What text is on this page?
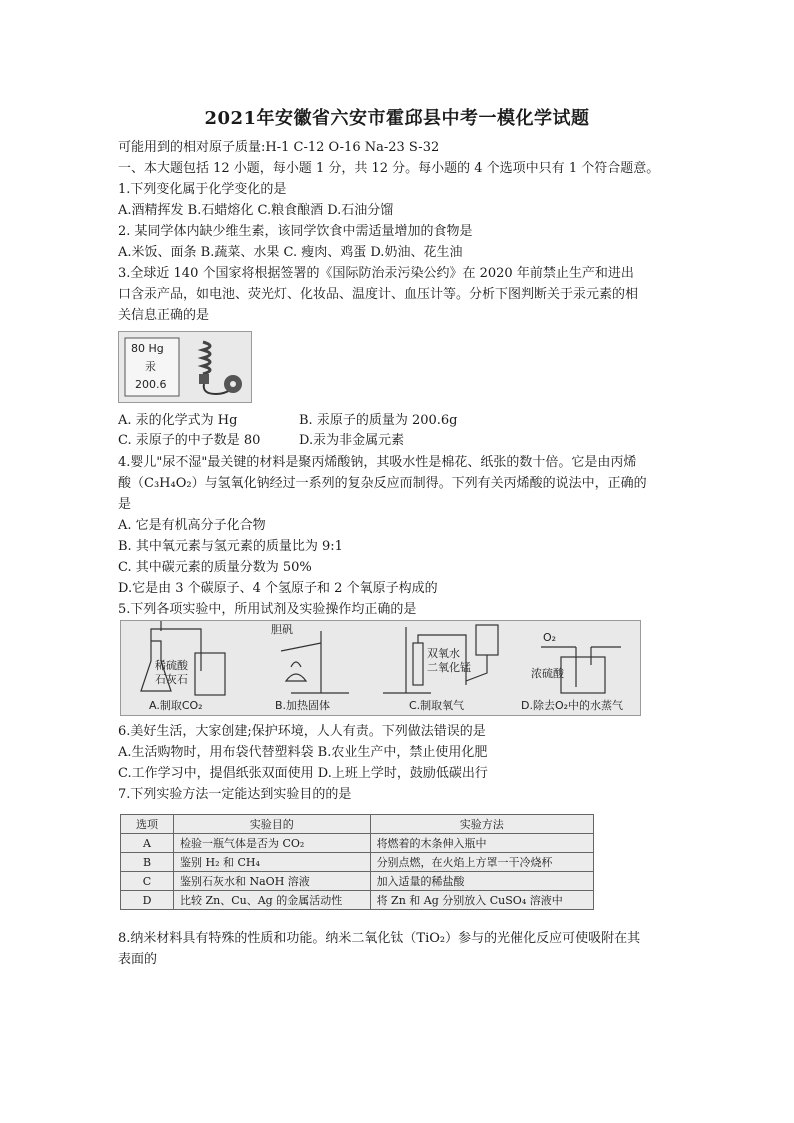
2021年安徽省六安市霍邱县中考一模化学试题
可能用到的相对原子质量:H-1 C-12 O-16 Na-23 S-32
一、本大题包括 12 小题，每小题 1 分，共 12 分。每小题的 4 个选项中只有 1 个符合题意。
1.下列变化属于化学变化的是
A.酒精挥发 B.石蜡熔化 C.粮食酿酒 D.石油分馏
2. 某同学体内缺少维生素，该同学饮食中需适量增加的食物是
A.米饭、面条 B.蔬菜、水果 C. 瘦肉、鸡蛋 D.奶油、花生油
3.全球近 140 个国家将根据签署的《国际防治汞污染公约》在 2020 年前禁止生产和进出
口含汞产品，如电池、荧光灯、化妆品、温度计、血压计等。分析下图判断关于汞元素的相
关信息正确的是
80 Hg
汞
200.6
A. 汞的化学式为 Hg	B. 汞原子的质量为 200.6g
C. 汞原子的中子数是 80	D.汞为非金属元素
4.婴儿"尿不湿"最关键的材料是聚丙烯酸钠，其吸水性是棉花、纸张的数十倍。它是由丙烯
酸（C₃H₄O₂）与氢氧化钠经过一系列的复杂反应而制得。下列有关丙烯酸的说法中，正确的
是
A. 它是有机高分子化合物
B. 其中氧元素与氢元素的质量比为 9:1
C. 其中碳元素的质量分数为 50%
D.它是由 3 个碳原子、4 个氢原子和 2 个氧原子构成的
5.下列各项实验中，所用试剂及实验操作均正确的是
稀硫酸
石灰石
A.制取CO₂
胆矾
B.加热固体
双氧水
二氧化锰
C.制取氧气
O₂
浓硫酸
D.除去O₂中的水蒸气
6.美好生活，大家创建;保护环境，人人有责。下列做法错误的是
A.生活购物时，用布袋代替塑料袋 B.农业生产中，禁止使用化肥
C.工作学习中，提倡纸张双面使用 D.上班上学时，鼓励低碳出行
7.下列实验方法一定能达到实验目的的是
选项	实验目的	实验方法
A	检验一瓶气体是否为 CO₂	将燃着的木条伸入瓶中
B	鉴别 H₂ 和 CH₄	分别点燃，在火焰上方罩一干冷烧杯
C	鉴别石灰水和 NaOH 溶液	加入适量的稀盐酸
D	比较 Zn、Cu、Ag 的金属活动性	将 Zn 和 Ag 分别放入 CuSO₄ 溶液中
8.纳米材料具有特殊的性质和功能。纳米二氧化钛（TiO₂）参与的光催化反应可使吸附在其
表面的
